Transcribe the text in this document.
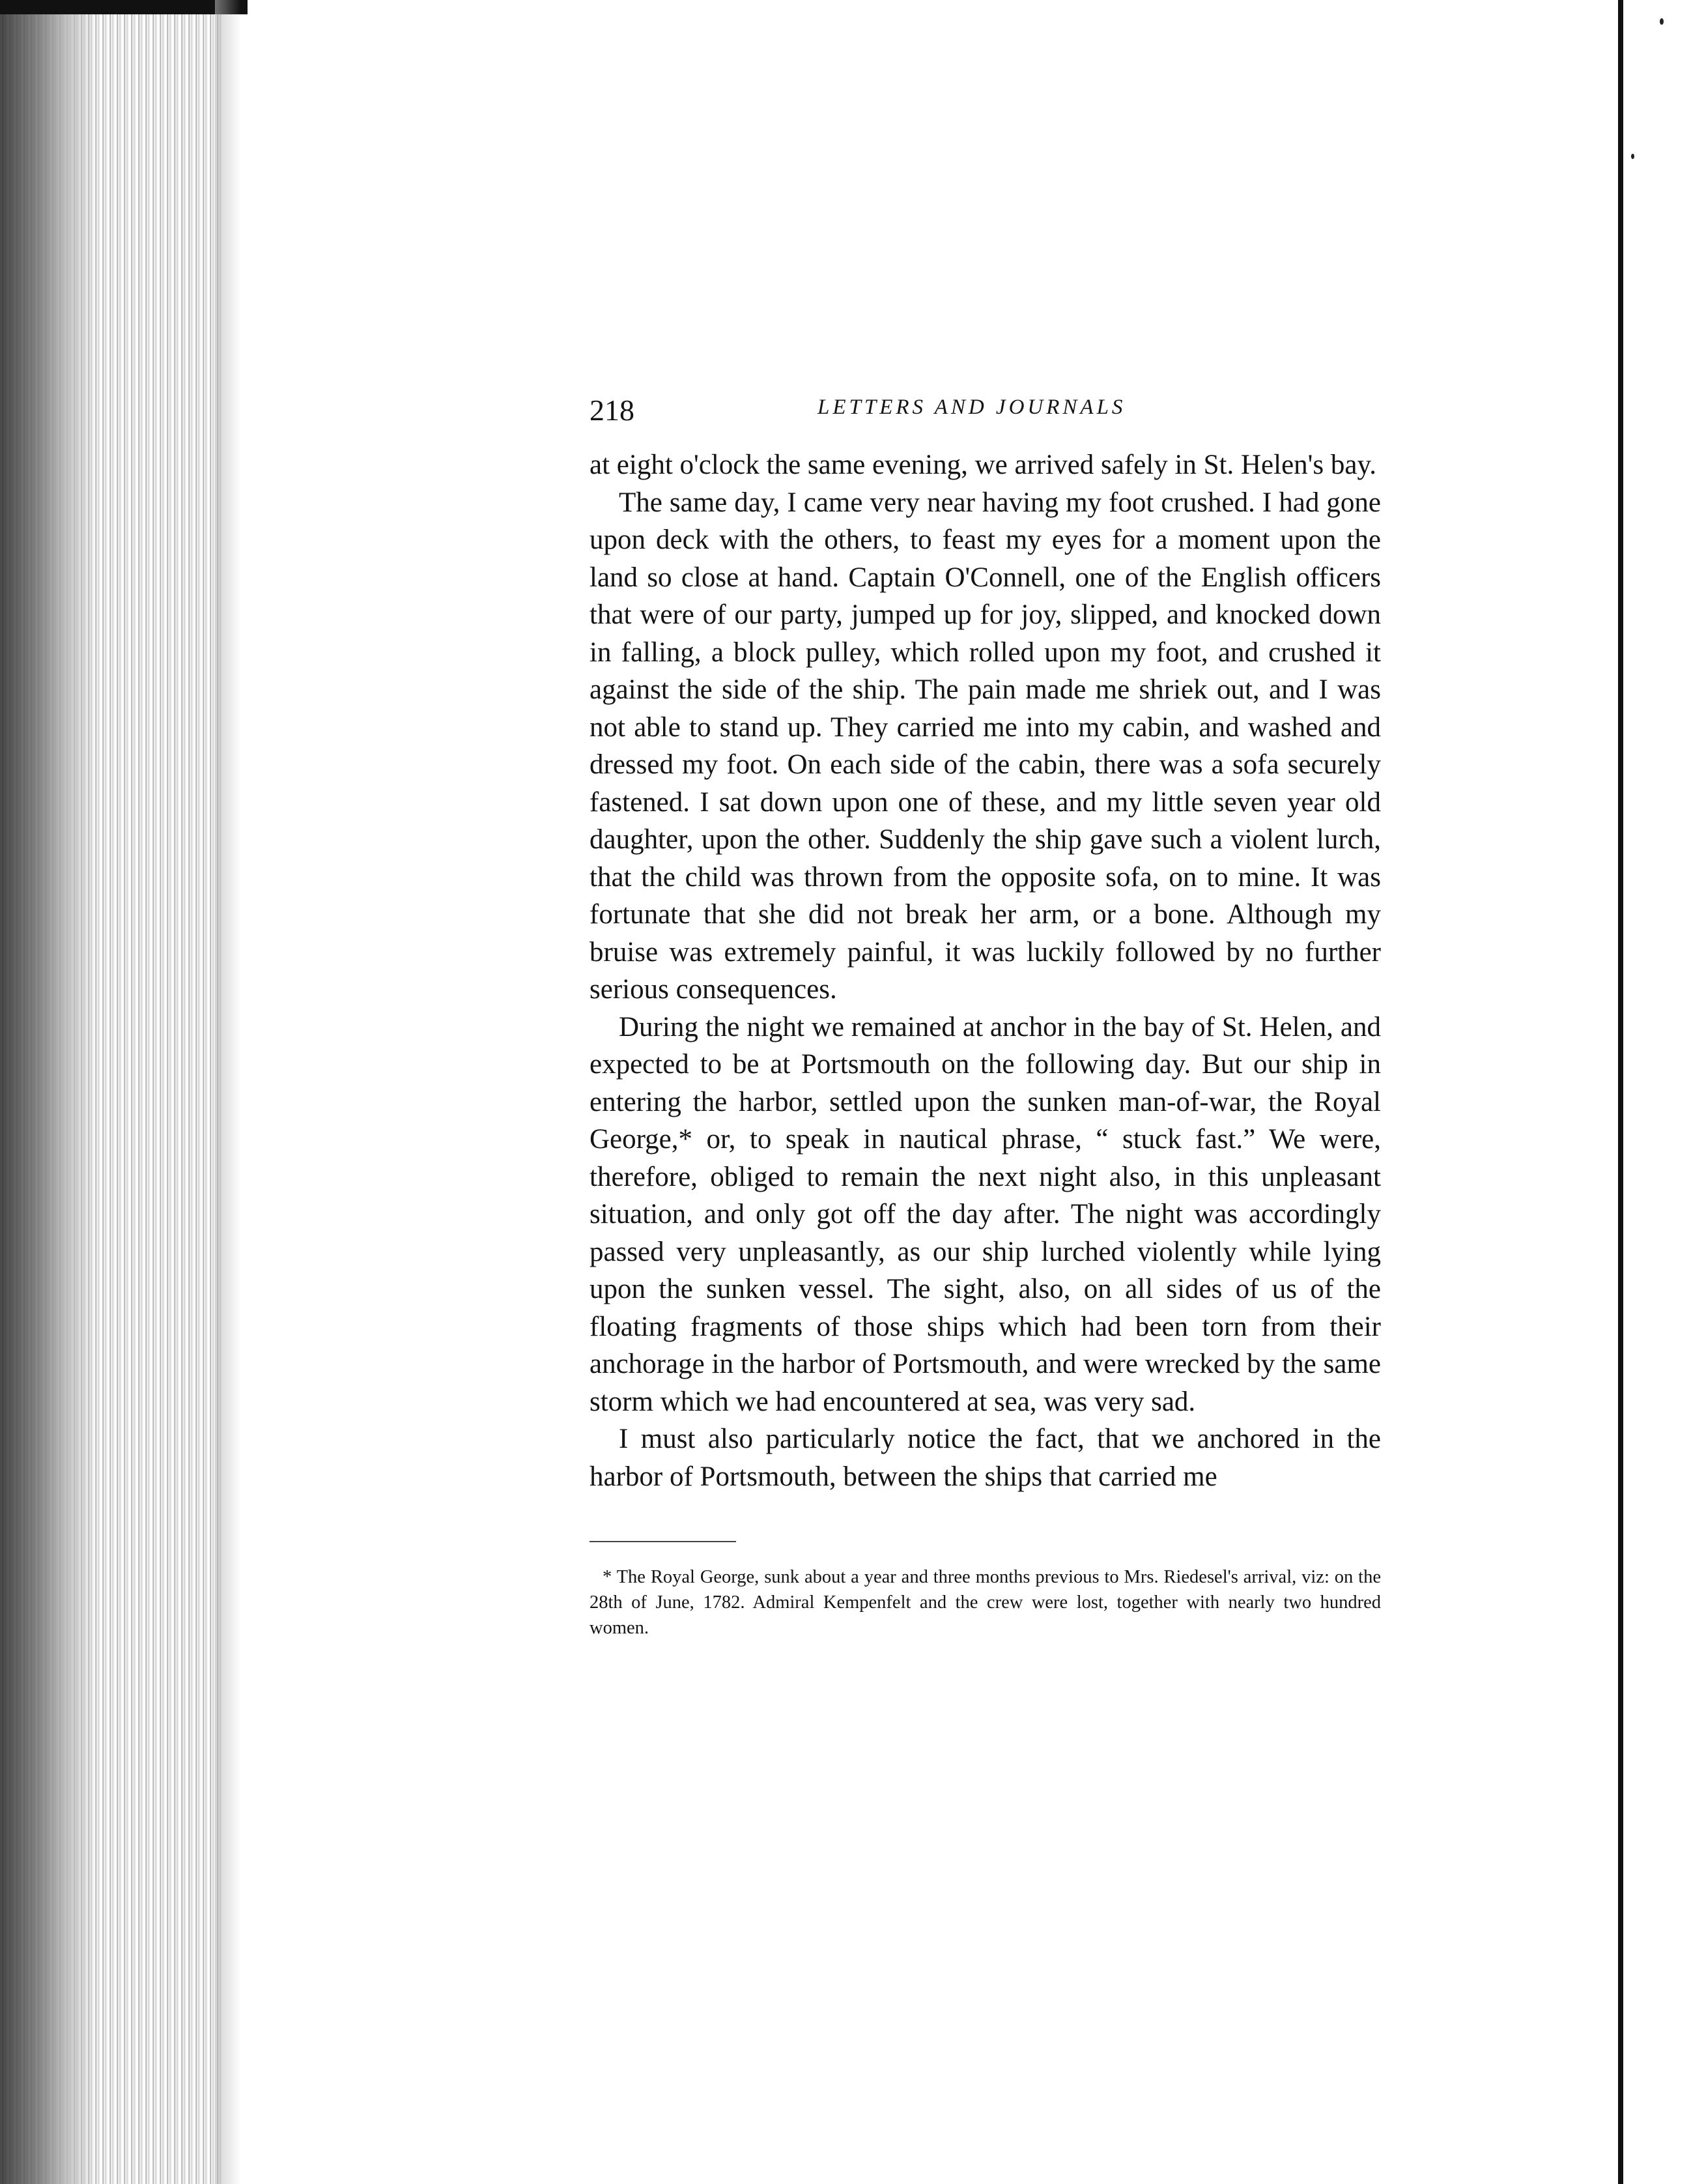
218	LETTERS AND JOURNALS

at eight o'clock the same evening, we arrived safely in St. Helen's bay.

The same day, I came very near having my foot crushed. I had gone upon deck with the others, to feast my eyes for a moment upon the land so close at hand. Captain O'Connell, one of the English officers that were of our party, jumped up for joy, slipped, and knocked down in falling, a block pulley, which rolled upon my foot, and crushed it against the side of the ship. The pain made me shriek out, and I was not able to stand up. They carried me into my cabin, and washed and dressed my foot. On each side of the cabin, there was a sofa securely fastened. I sat down upon one of these, and my little seven year old daughter, upon the other. Suddenly the ship gave such a violent lurch, that the child was thrown from the opposite sofa, on to mine. It was fortunate that she did not break her arm, or a bone. Although my bruise was extremely painful, it was luckily followed by no further serious consequences.

During the night we remained at anchor in the bay of St. Helen, and expected to be at Portsmouth on the following day. But our ship in entering the harbor, settled upon the sunken man-of-war, the Royal George,* or, to speak in nautical phrase, “ stuck fast.” We were, therefore, obliged to remain the next night also, in this unpleasant situation, and only got off the day after. The night was accordingly passed very unpleasantly, as our ship lurched violently while lying upon the sunken vessel. The sight, also, on all sides of us of the floating fragments of those ships which had been torn from their anchorage in the harbor of Portsmouth, and were wrecked by the same storm which we had encountered at sea, was very sad.

I must also particularly notice the fact, that we anchored in the harbor of Portsmouth, between the ships that carried me

* The Royal George, sunk about a year and three months previous to Mrs. Riedesel's arrival, viz: on the 28th of June, 1782. Admiral Kempenfelt and the crew were lost, together with nearly two hundred women.
